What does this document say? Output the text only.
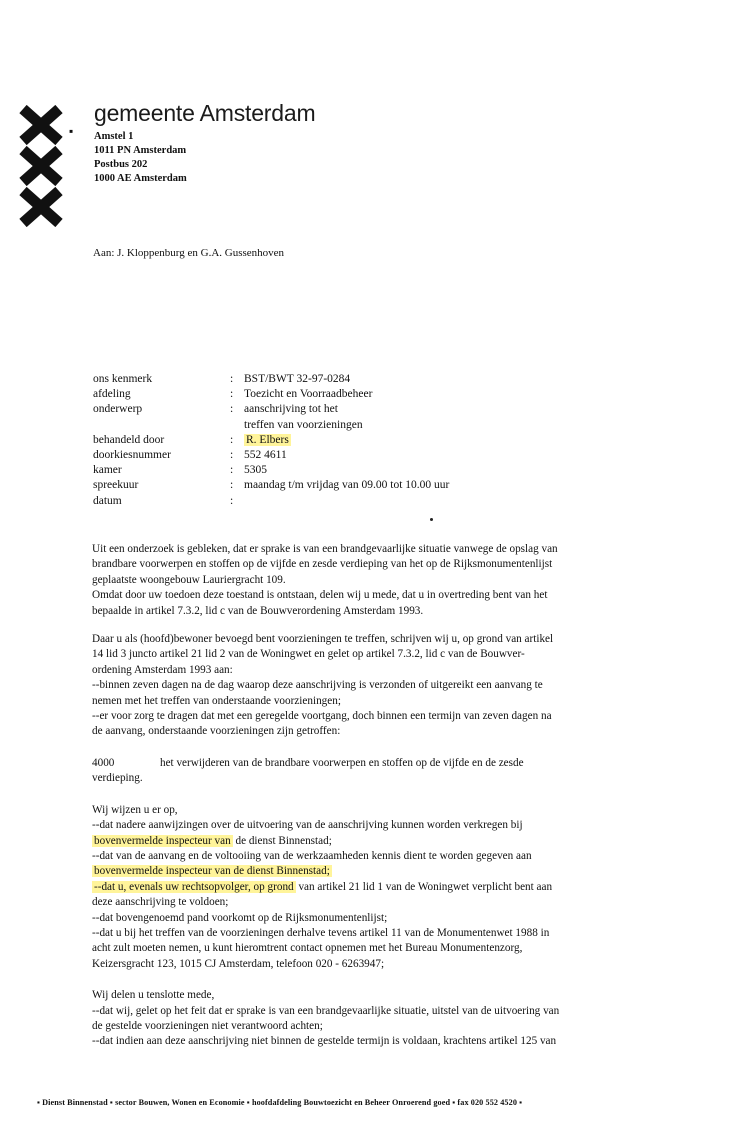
▪
gemeente Amsterdam
Amstel 1
1011 PN Amsterdam
Postbus 202
1000 AE Amsterdam
Aan: J. Kloppenburg en G.A. Gussenhoven
ons kenmerk	: BST/BWT 32-97-0284
afdeling	: Toezicht en Voorraadbeheer
onderwerp	: aanschrijving tot het
treffen van voorzieningen
behandeld door	:	R. Elbers
doorkiesnummer	: 552 4611
kamer	: 5305
spreekuur	: maandag t/m vrijdag van 09.00 tot 10.00 uur
datum	:
Uit een onderzoek is gebleken, dat er sprake is van een brandgevaarlijke situatie vanwege de opslag van
brandbare voorwerpen en stoffen op de vijfde en zesde verdieping van het op de Rijksmonumentenlijst
geplaatste woongebouw Lauriergracht 109.
Omdat door uw toedoen deze toestand is ontstaan, delen wij u mede, dat u in overtreding bent van het
bepaalde in artikel 7.3.2, lid c van de Bouwverordening Amsterdam 1993.
Daar u als (hoofd)bewoner bevoegd bent voorzieningen te treffen, schrijven wij u, op grond van artikel
14 lid 3 juncto artikel 21 lid 2 van de Woningwet en gelet op artikel 7.3.2, lid c van de Bouwver-
ordening Amsterdam 1993 aan:
--binnen zeven dagen na de dag waarop deze aanschrijving is verzonden of uitgereikt een aanvang te
nemen met het treffen van onderstaande voorzieningen;
--er voor zorg te dragen dat met een geregelde voortgang, doch binnen een termijn van zeven dagen na
de aanvang, onderstaande voorzieningen zijn getroffen:
4000	het verwijderen van de brandbare voorwerpen en stoffen op de vijfde en de zesde
verdieping.
Wij wijzen u er op,
--dat nadere aanwijzingen over de uitvoering van de aanschrijving kunnen worden verkregen bij
bovenvermelde inspecteur van de dienst Binnenstad;
--dat van de aanvang en de voltooiing van de werkzaamheden kennis dient te worden gegeven aan
bovenvermelde inspecteur van de dienst Binnenstad;
--dat u, evenals uw rechtsopvolger, op grond van artikel 21 lid 1 van de Woningwet verplicht bent aan
deze aanschrijving te voldoen;
--dat bovengenoemd pand voorkomt op de Rijksmonumentenlijst;
--dat u bij het treffen van de voorzieningen derhalve tevens artikel 11 van de Monumentenwet 1988 in
acht zult moeten nemen, u kunt hieromtrent contact opnemen met het Bureau Monumentenzorg,
Keizersgracht 123, 1015 CJ Amsterdam, telefoon 020 - 6263947;
Wij delen u tenslotte mede,
--dat wij, gelet op het feit dat er sprake is van een brandgevaarlijke situatie, uitstel van de uitvoering van
de gestelde voorzieningen niet verantwoord achten;
--dat indien aan deze aanschrijving niet binnen de gestelde termijn is voldaan, krachtens artikel 125 van
▪ Dienst Binnenstad ▪ sector Bouwen, Wonen en Economie ▪ hoofdafdeling Bouwtoezicht en Beheer Onroerend goed ▪ fax 020 552 4520 ▪
